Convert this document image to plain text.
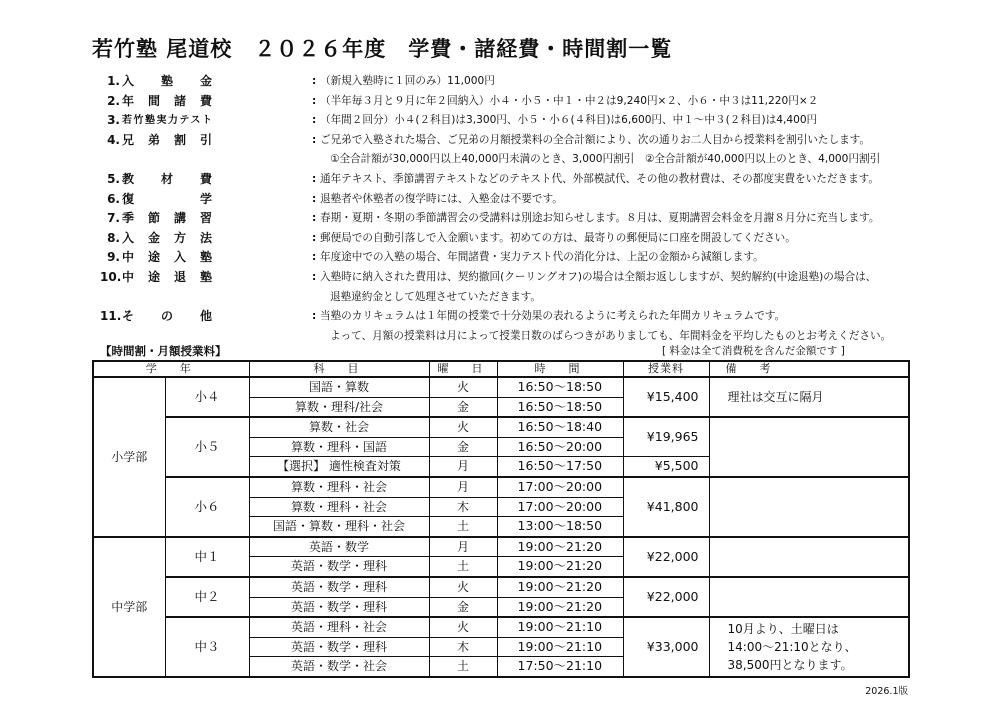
若竹塾 尾道校　２０２６年度　学費・諸経費・時間割一覧
1. 入　塾　金	: （新規入塾時に１回のみ）11,000円
2. 年　間　諸　費	: （半年毎３月と９月に年２回納入）小４・小５・中１・中２は9,240円×２、小６・中３は11,220円×２
3. 若竹塾実力テスト	: （年間２回分）小４(２科目)は3,300円、小５・小６(４科目)は6,600円、中１～中３(２科目)は4,400円
4. 兄　弟　割　引	: ご兄弟で入塾された場合、ご兄弟の月額授業料の全合計額により、次の通りお二人目から授業料を割引いたします。
①全合計額が30,000円以上40,000円未満のとき、3,000円割引　②全合計額が40,000円以上のとき、4,000円割引
5. 教　材　費	: 通年テキスト、季節講習テキストなどのテキスト代、外部模試代、その他の教材費は、その都度実費をいただきます。
6. 復　　　学	: 退塾者や休塾者の復学時には、入塾金は不要です。
7. 季　節　講　習	: 春期・夏期・冬期の季節講習会の受講料は別途お知らせします。８月は、夏期講習会料金を月謝８月分に充当します。
8. 入　金　方　法	: 郵便局での自動引落しで入金願います。初めての方は、最寄りの郵便局に口座を開設してください。
9. 中　途　入　塾	: 年度途中での入塾の場合、年間諸費・実力テスト代の消化分は、上記の金額から減額します。
10. 中　途　退　塾	: 入塾時に納入された費用は、契約撤回(クーリングオフ)の場合は全額お返ししますが、契約解約(中途退塾)の場合は、
退塾違約金として処理させていただきます。
11. そ　　の　　他	: 当塾のカリキュラムは１年間の授業で十分効果の表れるように考えられた年間カリキュラムです。
よって、月額の授業料は月によって授業日数のばらつきがありましても、年間料金を平均したものとお考えください。
【時間割・月額授業料】	[ 料金は全て消費税を含んだ金額です ]
学　年		科　目	曜　日	時　間	授業料	備　考
小学部	小４	国語・算数	火	16:50～18:50	¥15,400	理社は交互に隔月
		算数・理科/社会	金	16:50～18:50		
	小５	算数・社会	火	16:50～18:40	¥19,965	
		算数・理科・国語	金	16:50～20:00		
		【選択】 適性検査対策	月	16:50～17:50	¥5,500	
	小６	算数・理科・社会	月	17:00～20:00	¥41,800	
		算数・理科・社会	木	17:00～20:00		
		国語・算数・理科・社会	土	13:00～18:50		
中学部	中１	英語・数学	月	19:00～21:20	¥22,000	
		英語・数学・理科	土	19:00～21:20		
	中２	英語・数学・理科	火	19:00～21:20	¥22,000	
		英語・数学・理科	金	19:00～21:20		
	中３	英語・理科・社会	火	19:00～21:10	¥33,000	10月より、土曜日は
14:00～21:10となり、
38,500円となります。

		英語・数学・理科	木	19:00～21:10		
		英語・数学・社会	土	17:50～21:10		
2026.1版
